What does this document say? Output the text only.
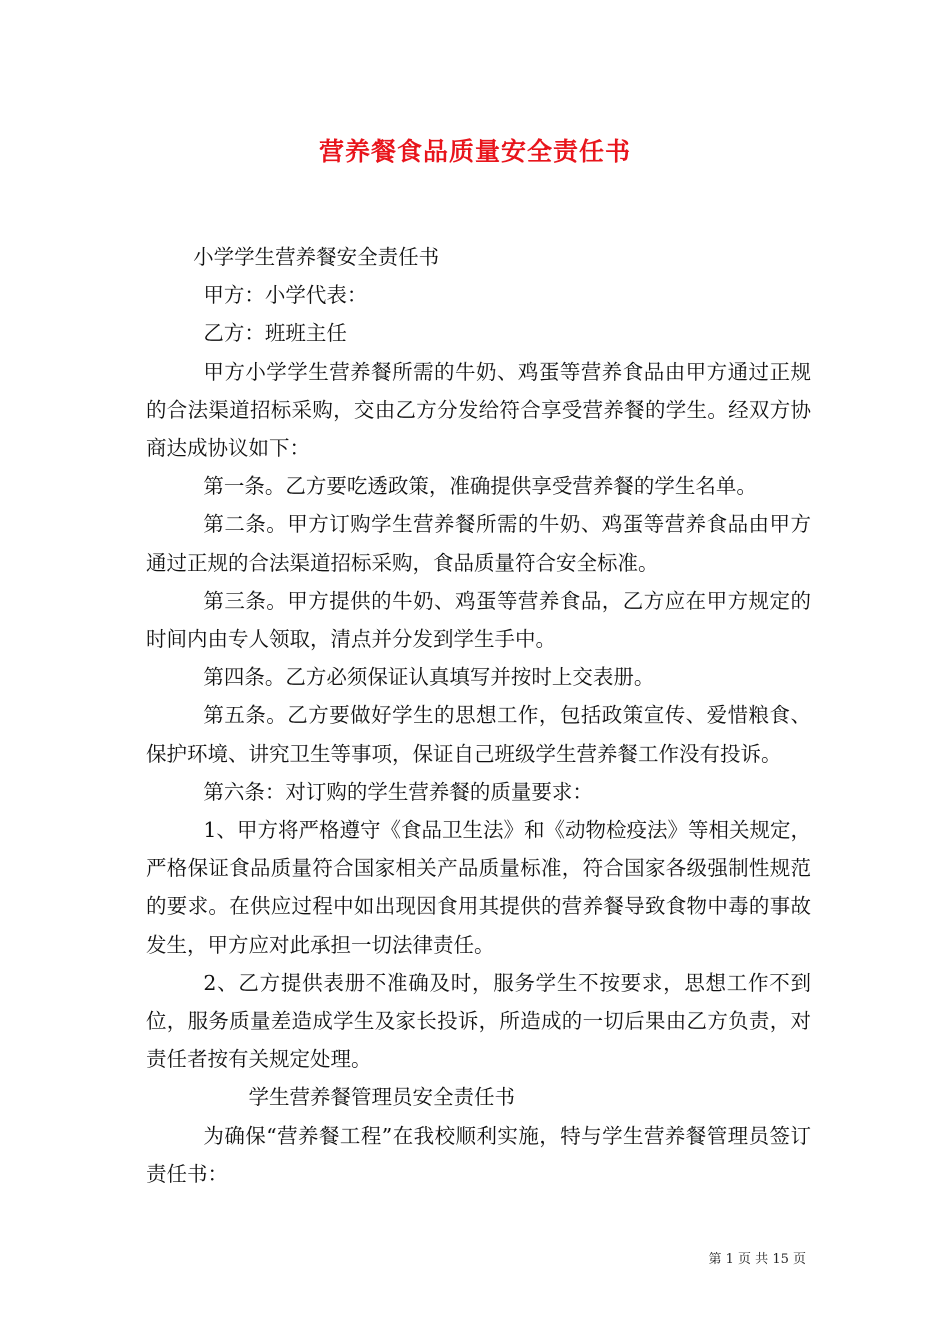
营养餐食品质量安全责任书

小学学生营养餐安全责任书

甲方：小学代表：

乙方：班班主任

甲方小学学生营养餐所需的牛奶、鸡蛋等营养食品由甲方通过正规的合法渠道招标采购，交由乙方分发给符合享受营养餐的学生。经双方协商达成协议如下：

第一条。乙方要吃透政策，准确提供享受营养餐的学生名单。

第二条。甲方订购学生营养餐所需的牛奶、鸡蛋等营养食品由甲方通过正规的合法渠道招标采购，食品质量符合安全标准。

第三条。甲方提供的牛奶、鸡蛋等营养食品，乙方应在甲方规定的时间内由专人领取，清点并分发到学生手中。

第四条。乙方必须保证认真填写并按时上交表册。

第五条。乙方要做好学生的思想工作，包括政策宣传、爱惜粮食、保护环境、讲究卫生等事项，保证自己班级学生营养餐工作没有投诉。

第六条：对订购的学生营养餐的质量要求：

1、甲方将严格遵守《食品卫生法》和《动物检疫法》等相关规定，严格保证食品质量符合国家相关产品质量标准，符合国家各级强制性规范的要求。在供应过程中如出现因食用其提供的营养餐导致食物中毒的事故发生，甲方应对此承担一切法律责任。

2、乙方提供表册不准确及时，服务学生不按要求，思想工作不到位，服务质量差造成学生及家长投诉，所造成的一切后果由乙方负责，对责任者按有关规定处理。

学生营养餐管理员安全责任书

为确保“营养餐工程”在我校顺利实施，特与学生营养餐管理员签订责任书：

第 1 页 共 15 页
